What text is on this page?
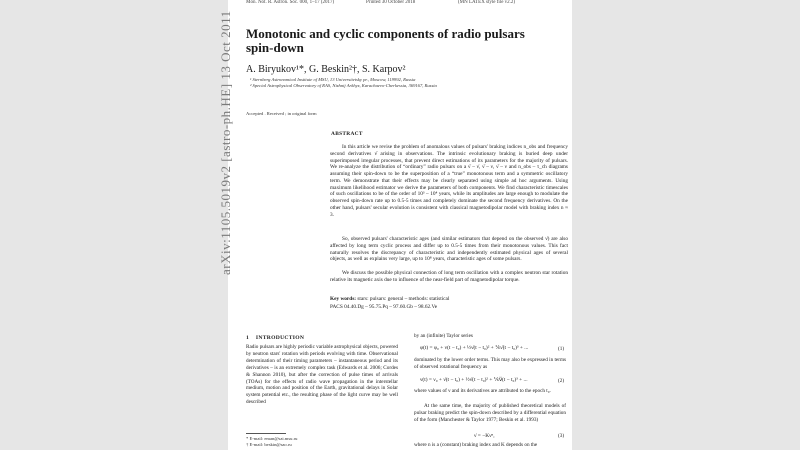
Mon. Not. R. Astron. Soc. 000, 1–17 (2017)	Printed 30 October 2018	(MN LATEX style file v2.2)
Monotonic and cyclic components of radio pulsars spin-down
A. Biryukov¹*, G. Beskin²†, S. Karpov²
¹ Sternberg Astronomical Institute of MSU, 13 Universitetsky pr., Moscow, 119992, Russia
² Special Astrophysical Observatory of RAS, Nizhnij Arkhyz, Karachaevo-Cherkessia, 369167, Russia
Accepted . Received ; in original form
arXiv:1105.5019v2 [astro-ph.HE] 13 Oct 2011	ABSTRACT
In this article we revise the problem of anomalous values of pulsars' braking indices n_obs and frequency second derivatives ν̈ arising in observations. The intrinsic evolutionary braking is buried deep under superimposed irregular processes, that prevent direct estimations of its parameters for the majority of pulsars. We re-analyze the distribution of “ordinary” radio pulsars on a ν̈ – ν̇, ν̈ – ν, ν̈ – ν and n_obs – τ_ch diagrams assuming their spin-down to be the superposition of a “true” monotonous term and a symmetric oscillatory term. We demonstrate that their effects may be clearly separated using simple ad hoc arguments. Using maximum likelihood estimator we derive the parameters of both components. We find characteristic timescales of such oscillations to be of the order of 10³ – 10⁴ years, while its amplitudes are large enough to modulate the observed spin-down rate up to 0.5-5 times and completely dominate the second frequency derivatives. On the other hand, pulsars' secular evolution is consistent with classical magnetodipolar model with braking index n ≈ 3.
So, observed pulsars' characteristic ages (and similar estimators that depend on the observed ν̇) are also affected by long term cyclic process and differ up to 0.5-5 times from their monotonous values. This fact naturally resolves the discrepancy of characteristic and independently estimated physical ages of several objects, as well as explains very large, up to 10⁸ years, characteristic ages of some pulsars.
We discuss the possible physical connection of long term oscillation with a complex neutron star rotation relative its magnetic axis due to influence of the near-field part of magnetodipolar torque.
Key words: stars: pulsars: general – methods: statistical
PACS 04.40.Dg – 95.75.Pq – 97.60.Gb – 98.62.Ve
1 INTRODUCTION
Radio pulsars are highly periodic variable astrophysical objects, powered by neutron stars' rotation with periods evolving with time. Observational determination of their timing parameters – instantaneous period and its derivatives – is an extremely complex task (Edwards et al. 2006; Cordes & Shannon 2010), but after the correction of pulse times of arrivals (TOAs) for the effects of radio wave propagation in the interstellar medium, motion and position of the Earth, gravitational delays in Solar system potential etc., the resulting phase of the light curve may be well described
by an (infinite) Taylor series
φ(t) = φ₀ + ν(t − t₀) + ½ν̇(t − t₀)² + ⅙ν̈(t − t₀)³ + ...	(1)
dominated by the lower order terms. This may also be expressed in terms of observed rotational frequency as
ν(t) = ν₀ + ν̇(t − t₀) + ½ν̈(t − t₀)² + ⅙ν⃛(t − t₀)³ + ...	(2)
where values of ν and its derivatives are attributed to the epoch t₀.
At the same time, the majority of published theoretical models of pulsar braking predict the spin-down described by a differential equation of the form (Manchester & Taylor 1977; Beskin et al. 1993)
ν̇ = −Kνⁿ,	(3)
where n is a (constant) braking index and K depends on the
* E-mail: eman@sai.msu.ru
† E-mail: beskin@sao.ru
